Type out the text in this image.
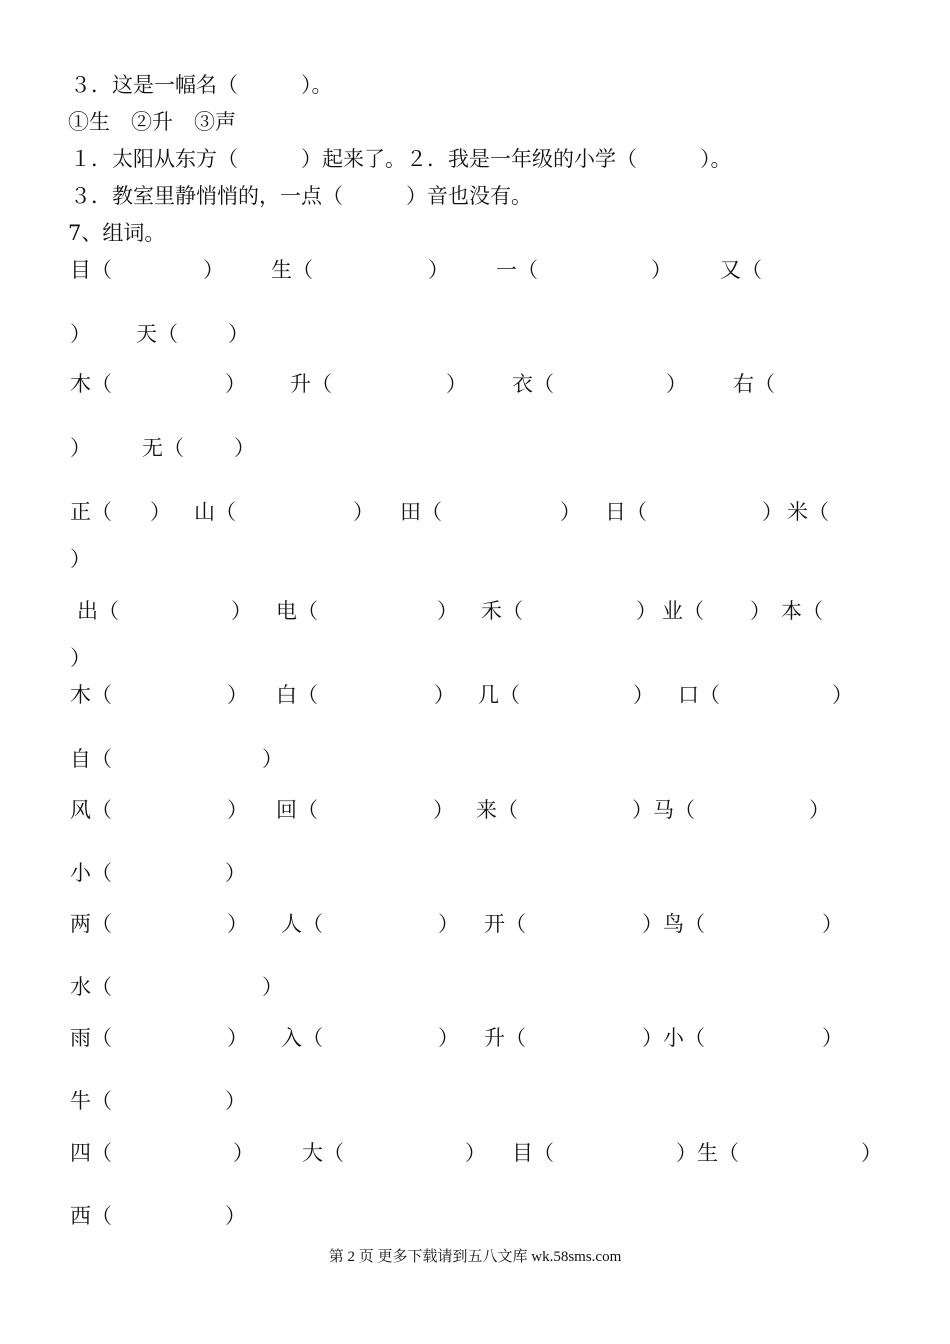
３．这是一幅名（　　　）。
①生　②升　③声
１．太阳从东方（　　　）起来了。２．我是一年级的小学（　　　）。
３．教室里静悄悄的，一点（　　　）音也没有。
7、组词。
目（	） 生（	） 一（	） 又（
） 天（ ）
木（	） 升（	） 衣（	） 右（
） 无（ ）
正（ ） 山（	） 田（	） 日（	） 米（
）
出（	） 电（	） 禾（	） 业（ ） 本（
）
木（	） 白（	） 几（	） 口（	）
自（	）
风（	） 回（	） 来（	）马（	）
小（	）
两（	） 人（	） 开（	）鸟（	）
水（	）
雨（	） 入（	） 升（	）小（	）
牛（	）
四（	） 大（	） 目（	）生（	）
西（	）
第 2 页 更多下载请到五八文库 wk.58sms.com
